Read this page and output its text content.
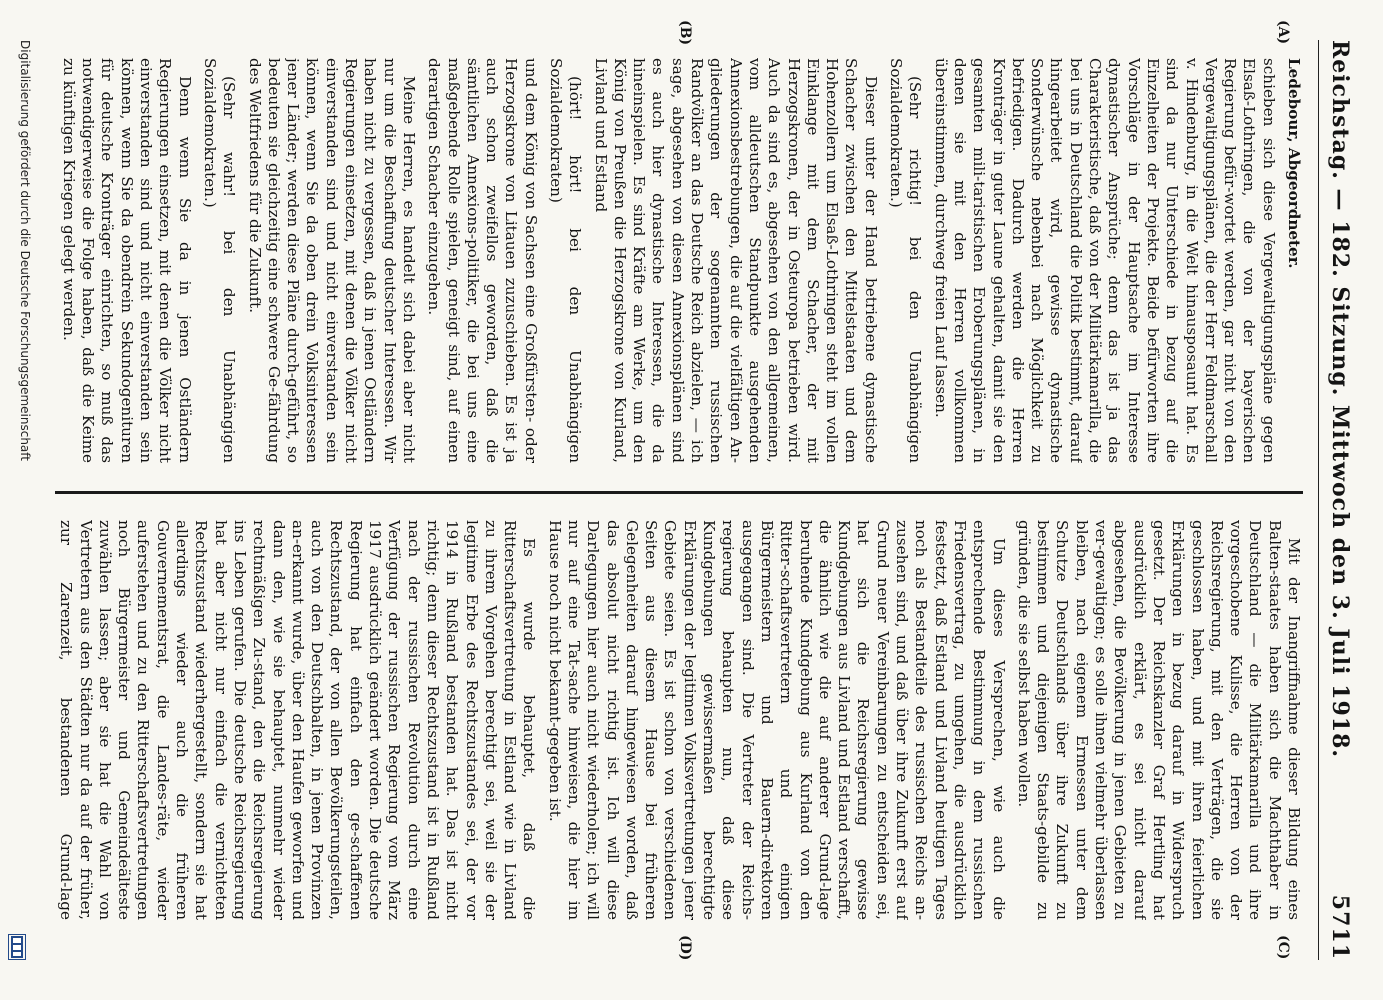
Reichstag. — 182. Sitzung. Mittwoch den 3. Juli 1918.
5711
(A)
(B)
(C)
(D)

Ledebour, Abgeordneter.

schieben sich diese Vergewaltigungspläne gegen Elsaß-Lothringen, die von der bayerischen Regierung befür-wortet werden, gar nicht von den Vergewaltigungsplänen, die der Herr Feldmarschall v. Hindenburg, in die Welt hinausposaunt hat. Es sind da nur Unterschiede in bezug auf die Einzelheiten der Projekte. Beide befürworten ihre Vorschläge in der Hauptsache im Interesse dynastischer Ansprüche; denn das ist ja das Charakteristische, daß von der Militärkamarilla, die bei uns in Deutschland die Politik bestimmt, darauf hingearbeitet wird, gewisse dynastische Sonderwünsche nebenbei nach Möglichkeit zu befriedigen. Dadurch werden die Herren Kronträger in guter Laune gehalten, damit sie den gesamten mili-taristischen Eroberungsplänen, in denen sie mit den Herren vollkommen übereinstimmen, durchweg freien Lauf lassen.

(Sehr richtig! bei den Unabhängigen Sozialdemokraten.)

Dieser unter der Hand betriebene dynastische Schacher zwischen den Mittelstaaten und dem Hohenzollern um Elsaß-Lothringen steht im vollen Einklange mit dem Schacher, der mit Herzogskronen, der in Osteuropa betrieben wird. Auch da sind es, abgesehen von den allgemeinen, vom alldeutschen Standpunkte ausgehenden Annexionsbestrebungen, die auf die vielfältigen An-gliederungen der sogenannten russischen Randvölker an das Deutsche Reich abzielen, — ich sage, abgesehen von diesen Annexionsplänen sind es auch hier dynastische Interessen, die da hineinspielen. Es sind Kräfte am Werke, um den König von Preußen die Herzogskrone von Kurland, Livland und Estland

(hört! hört! bei den Unabhängigen Sozialdemokraten)

und dem König von Sachsen eine Großfürsten- oder Herzogskrone von Litauen zuzuschieben. Es ist ja auch schon zweifellos geworden, daß die sämtlichen Annexions-politiker, die bei uns eine maßgebende Rolle spielen, geneigt sind, auf einen derartigen Schacher einzugehen.

Meine Herren, es handelt sich dabei aber nicht nur um die Beschaffung deutscher Interessen. Wir haben nicht zu vergessen, daß in jenen Ostländern Regierungen einsetzen, mit denen die Völker nicht einverstanden sind und nicht einverstanden sein können, wenn Sie da oben drein Volksinteressen jener Länder; werden diese Pläne durch-geführt, so bedeuten sie gleichzeitig eine schwere Ge-fährdung des Weltfriedens für die Zukunft.

(Sehr wahr! bei den Unabhängigen Sozialdemokraten.)

Denn wenn Sie da in jenen Ostländern Regierungen einsetzen, mit denen die Völker nicht einverstanden sind und nicht einverstanden sein können, wenn Sie da obendrein Sekundogenituren für deutsche Kronträger einrichten, so muß das notwendigerweise die Folge haben, daß die Keime zu künftigen Kriegen gelegt werden.

Mit der Inangriffnahme dieser Bildung eines Balten-staates haben sich die Machthaber in Deutschland — die Militärkamarilla und ihre vorgeschobene Kulisse, die Herren von der Reichsregierung, mit den Verträgen, die sie geschlossen haben, und mit ihren feierlichen Erklärungen in bezug darauf in Widerspruch gesetzt. Der Reichskanzler Graf Hertling hat ausdrücklich erklärt, es sei nicht darauf abgesehen, die Bevölkerung in jenen Gebieten zu ver-gewaltigen; es solle ihnen vielmehr überlassen bleiben, nach eigenem Ermessen unter dem Schutze Deutschlands über ihre Zukunft zu bestimmen und diejenigen Staats-gebilde zu gründen, die sie selbst haben wollen.

Um dieses Versprechen, wie auch die entsprechende Bestimmung in dem russischen Friedensvertrag, zu umgehen, die ausdrücklich festsetzt, daß Estland und Livland heutigen Tages noch als Bestandteile des russischen Reichs an-zusehen sind, und daß über ihre Zukunft erst auf Grund neuer Vereinbarungen zu entscheiden sei, hat sich die Reichsregierung gewisse Kundgebungen aus Livland und Estland verschafft, die ähnlich wie die auf anderer Grund-lage beruhende Kundgebung aus Kurland von den Ritter-schaftsvertretern und einigen Bürgermeistern und Bauern-direktoren ausgegangen sind. Die Vertreter der Reichs-regierung behaupten nun, daß diese Kundgebungen gewissermaßen berechtigte Erklärungen der legitimen Volksvertretungen jener Gebiete seien. Es ist schon von verschiedenen Seiten aus diesem Hause bei früheren Gelegenheiten darauf hingewiesen worden, daß das absolut nicht richtig ist. Ich will diese Darlegungen hier auch nicht wiederholen; ich will nur auf eine Tat-sache hinweisen, die hier im Hause noch nicht bekannt-gegeben ist.

Es wurde behauptet, daß die Ritterschaftsvertretung in Estland wie in Livland zu ihrem Vorgehen berechtigt sei, weil sie der legitime Erbe des Rechtszustandes sei, der vor 1914 in Rußland bestanden hat. Das ist nicht richtig; denn dieser Rechtszustand ist in Rußland nach der russischen Revolution durch eine Verfügung der russischen Regierung vom März 1917 ausdrücklich geändert worden. Die deutsche Regierung hat einfach den ge-schaffenen Rechtszustand, der von allen Bevölkerungsteilen, auch von den Deutschbalten, in jenen Provinzen an-erkannt wurde, über den Haufen geworfen und dann den, wie sie behauptet, nunmehr wieder rechtmäßigen Zu-stand, den die Reichsregierung ins Leben gerufen. Die deutsche Reichsregierung hat aber nicht nur einfach die vernichteten Rechtszustand wiederhergestellt, sondern sie hat allerdings wieder auch die früheren Gouvernementsrat, die Landes-räte, wieder auferstehen und zu den Ritterschaftsvertretungen noch Bürgermeister und Gemeindeälteste zuwählen lassen; aber sie hat die Wahl von Vertretern aus den Städten nur da auf der früher, zur Zarenzeit, bestandenen Grund-lage

Digitalisierung gefördert durch die Deutsche Forschungsgemeinschaft
